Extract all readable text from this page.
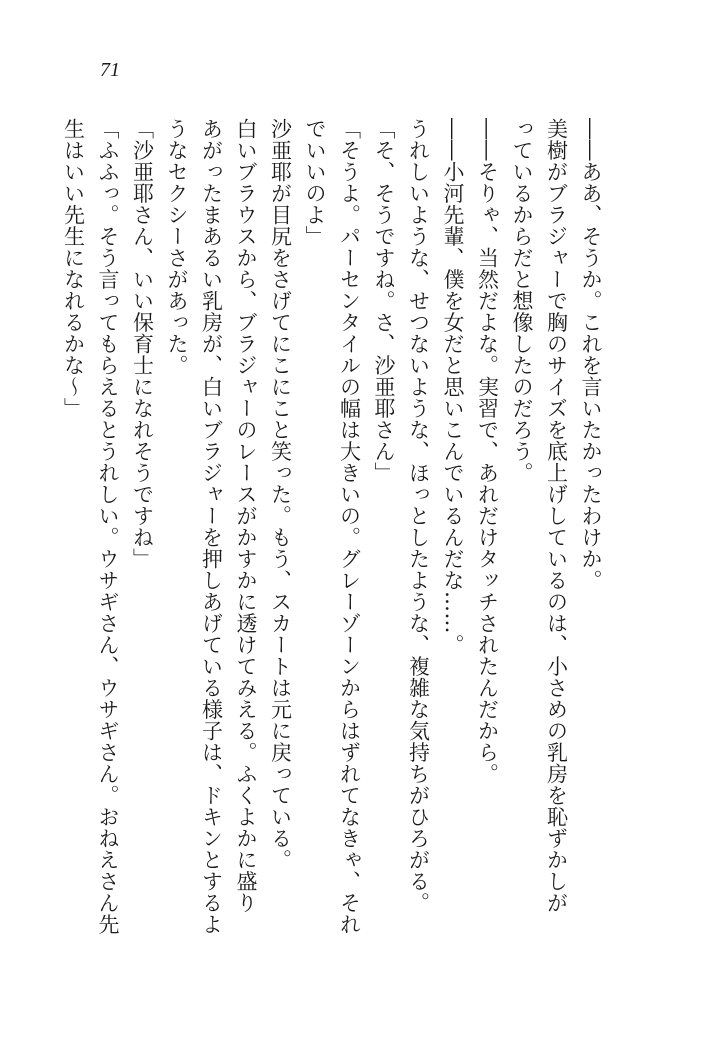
71
――ああ、そうか。これを言いたかったわけか。
美樹がブラジャーで胸のサイズを底上げしているのは、小さめの乳房を恥ずかしが
っているからだと想像したのだろう。
――そりゃ、当然だよな。実習で、あれだけタッチされたんだから。
――小河先輩、僕を女だと思いこんでいるんだな……。
うれしいような、せつないような、ほっとしたような、複雑な気持ちがひろがる。
「そ、そうですね。さ、沙亜耶さん」
「そうよ。パーセンタイルの幅は大きいの。グレーゾーンからはずれてなきゃ、それ
でいいのよ」
沙亜耶が目尻をさげてにこにこと笑った。もう、スカートは元に戻っている。
白いブラウスから、ブラジャーのレースがかすかに透けてみえる。ふくよかに盛り
あがったまあるい乳房が、白いブラジャーを押しあげている様子は、ドキンとするよ
うなセクシーさがあった。
「沙亜耶さん、いい保育士になれそうですね」
「ふふっ。そう言ってもらえるとうれしい。ウサギさん、ウサギさん。おねえさん先
生はいい先生になれるかな～」
